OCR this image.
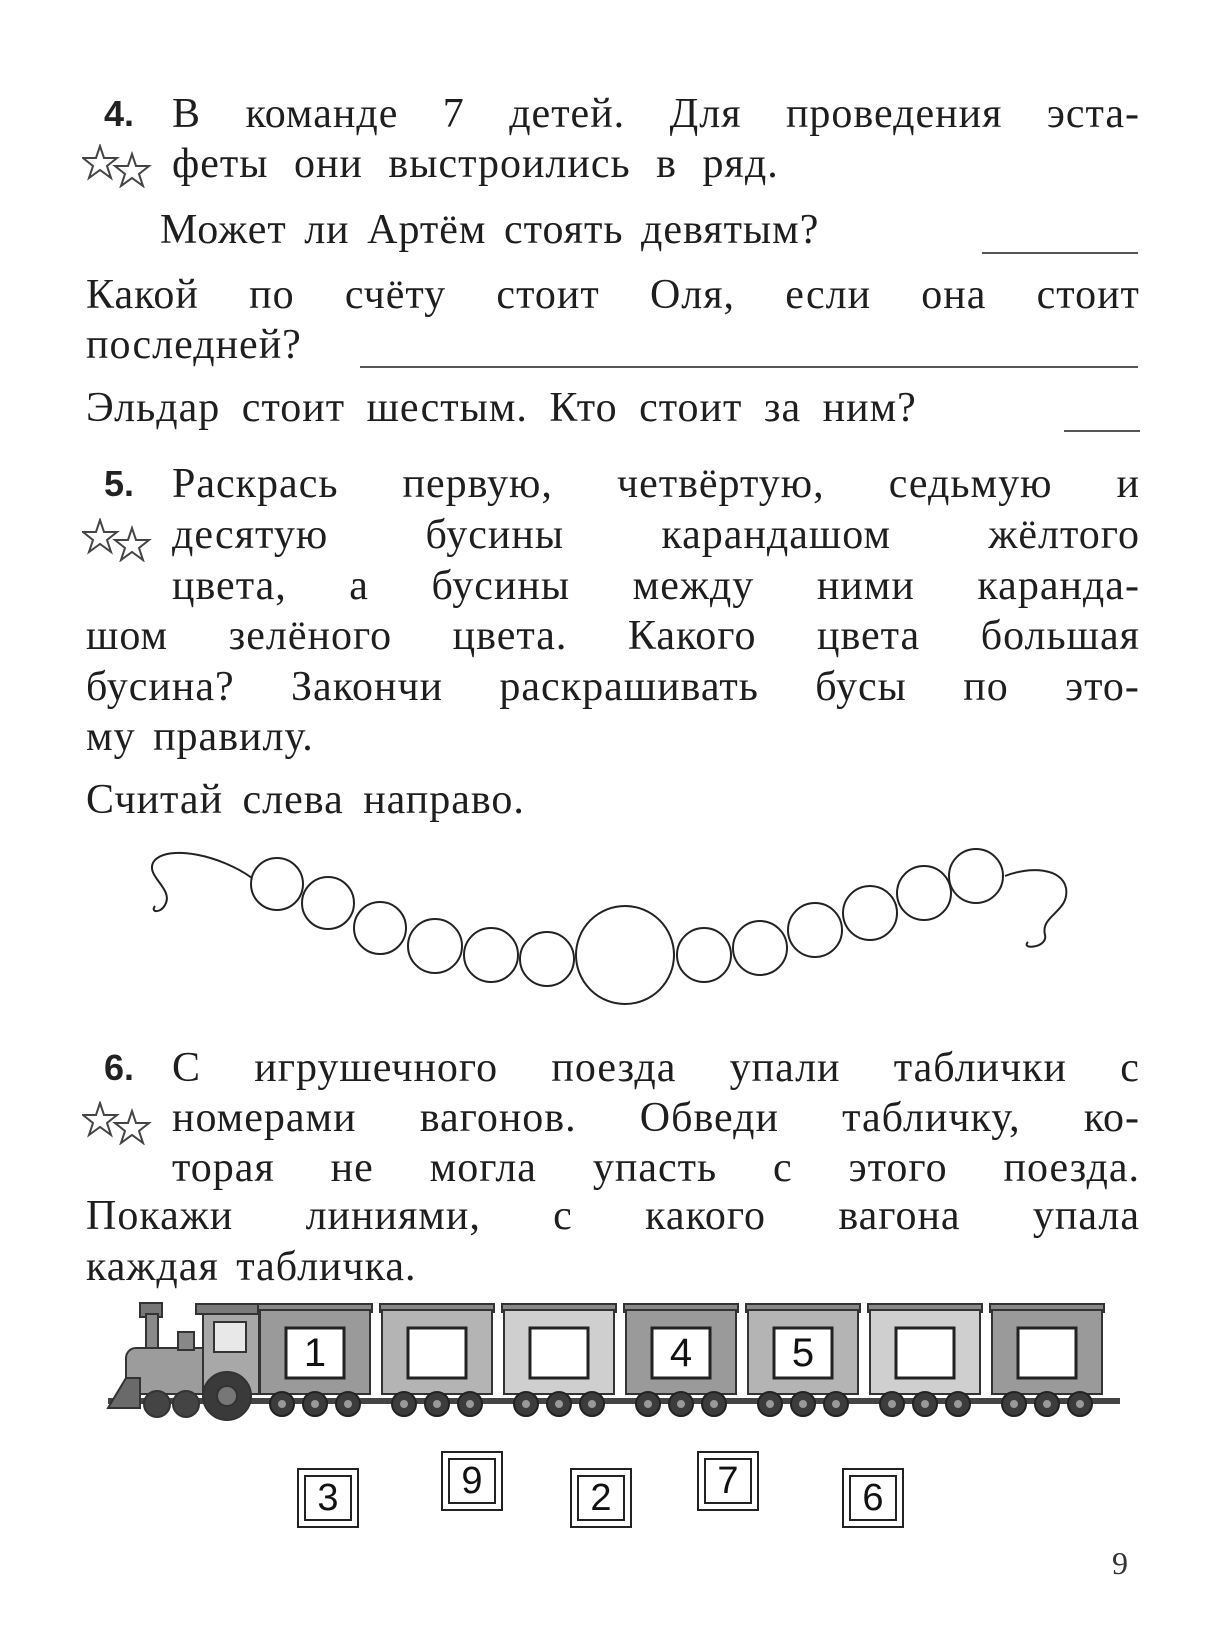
4. В команде 7 детей. Для проведения эста-
феты они выстроились в ряд.
Может ли Артём стоять девятым?
Какой по счёту стоит Оля, если она стоит
последней?
Эльдар стоит шестым. Кто стоит за ним?
5. Раскрась первую, четвёртую, седьмую и
десятую бусины карандашом жёлтого
цвета, а бусины между ними каранда-
шом зелёного цвета. Какого цвета большая
бусина? Закончи раскрашивать бусы по это-
му правилу.
Считай слева направо.
6. С игрушечного поезда упали таблички с
номерами вагонов. Обведи табличку, ко-
торая не могла упасть с этого поезда.
Покажи линиями, с какого вагона упала
каждая табличка.
1	4	5
3	9	2	7	6
9
